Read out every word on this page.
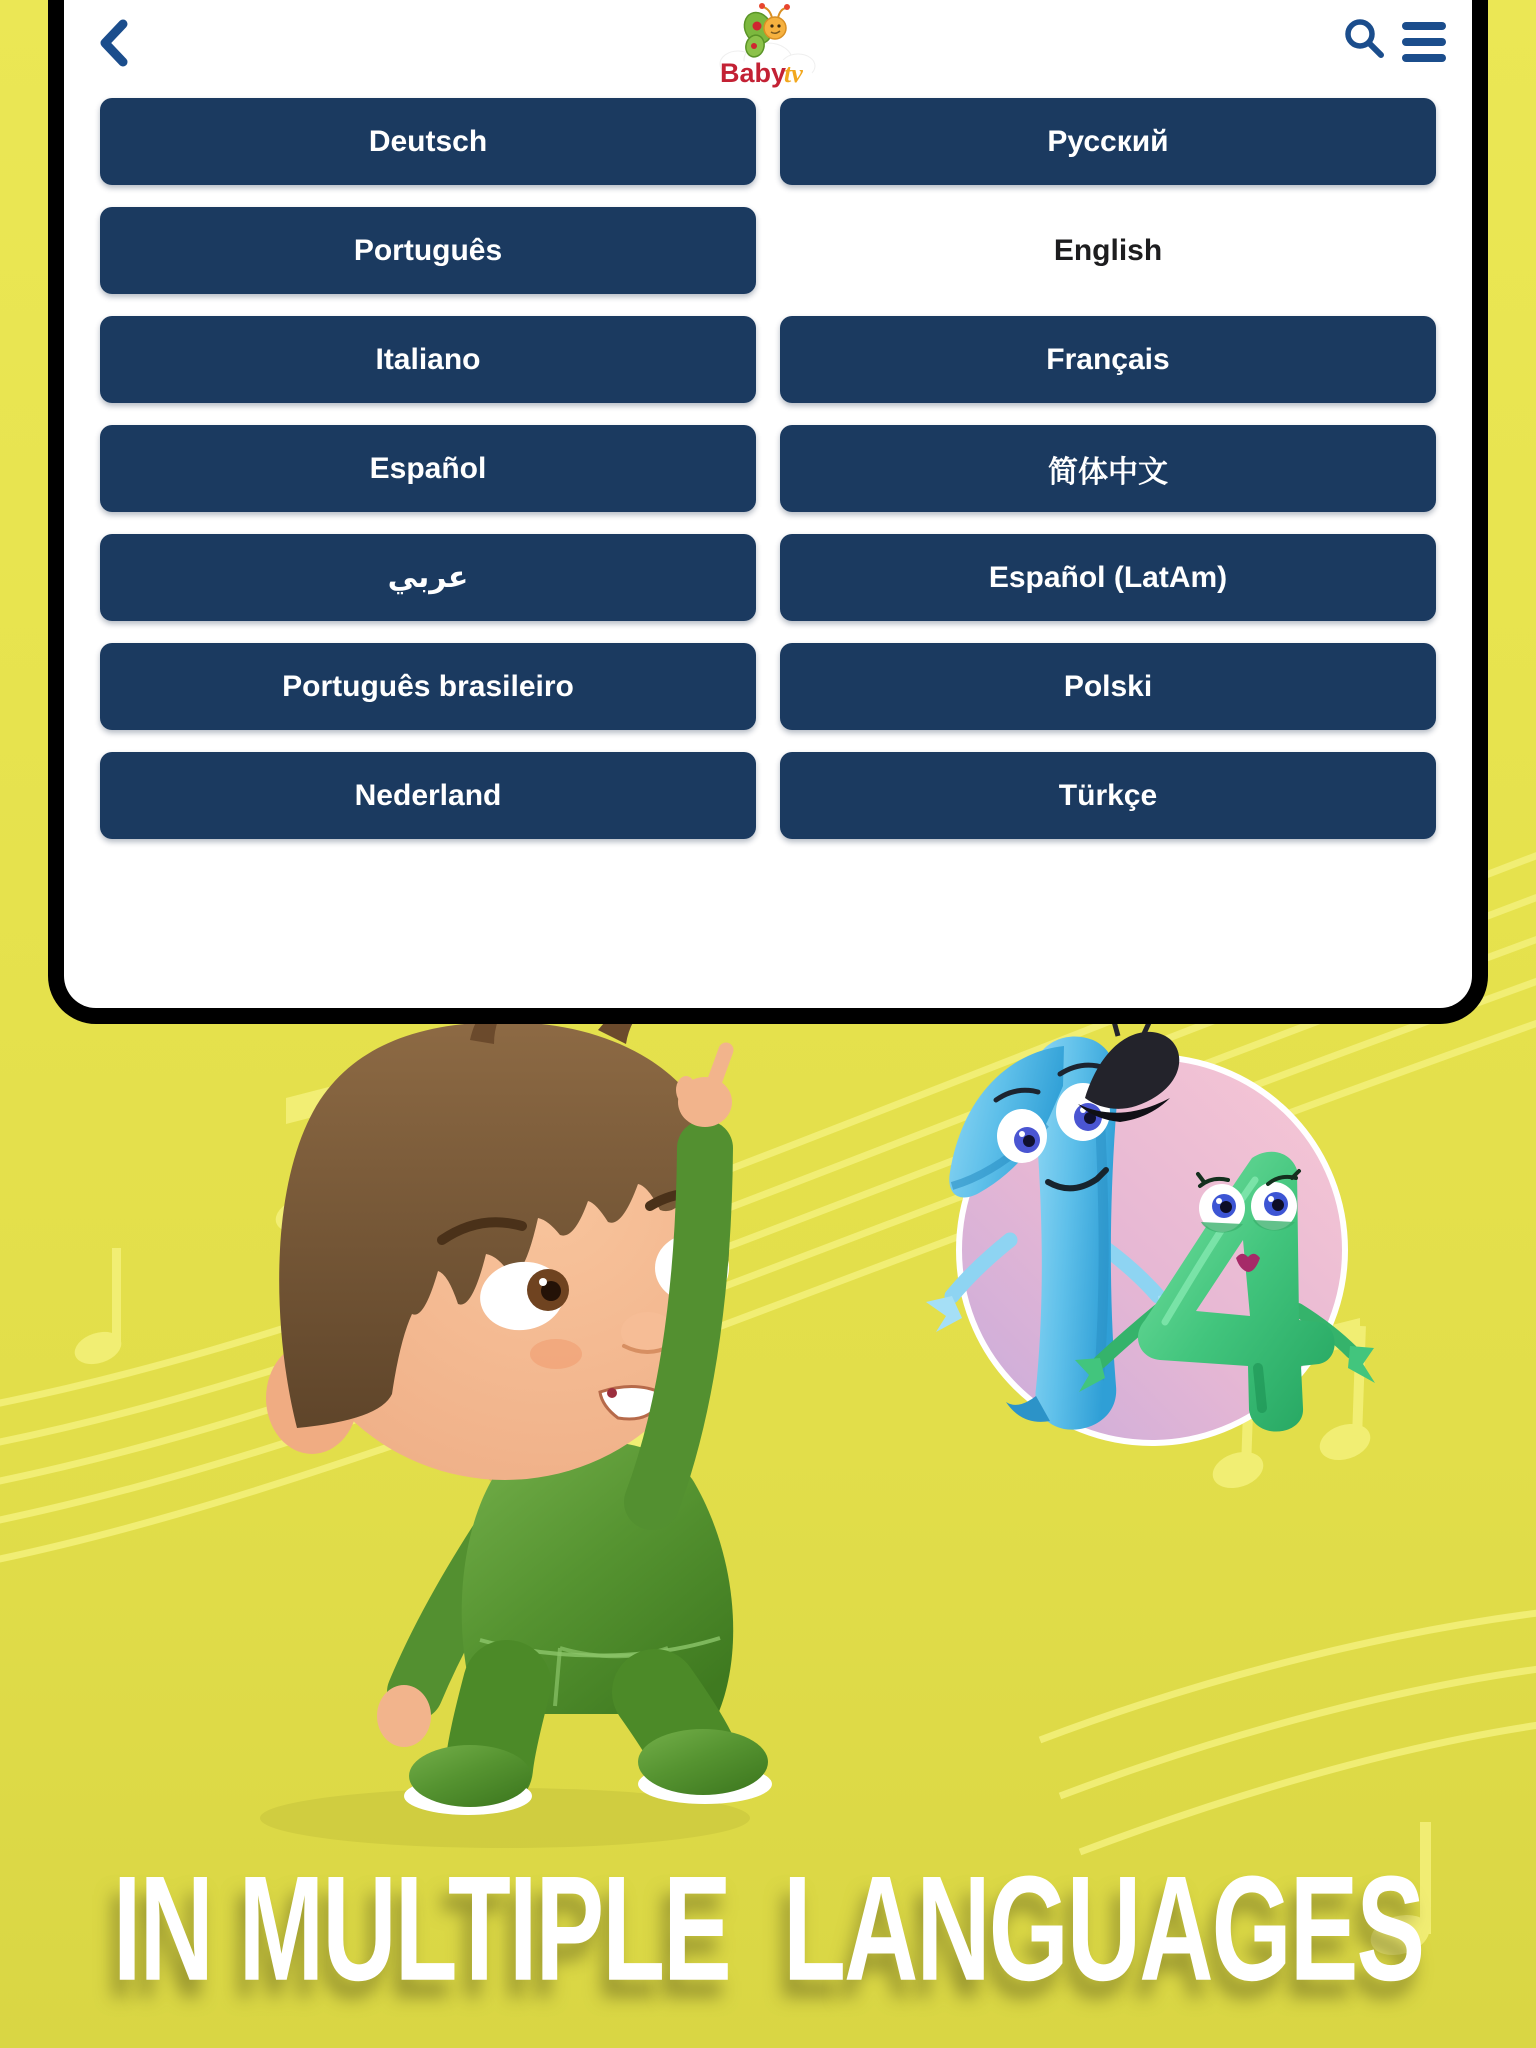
Baby
tv
Deutsch	Русский
Português	English
Italiano	Français
Español	简体中文
عربي	Español (LatAm)
Português brasileiro	Polski
Nederland	Türkçe
IN MULTIPLE  LANGUAGES
